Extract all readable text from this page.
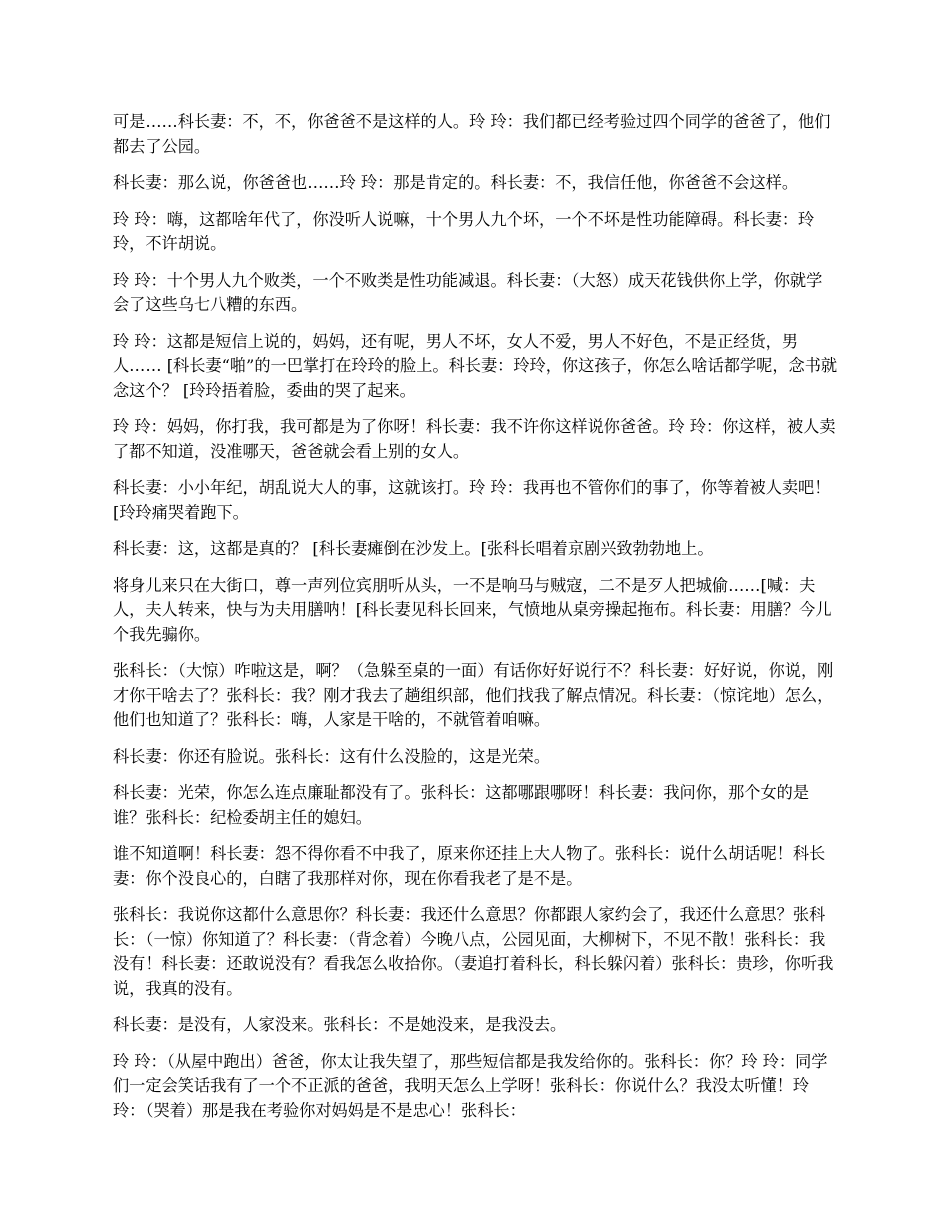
可是……科长妻：不，不，你爸爸不是这样的人。玲 玲：我们都已经考验过四个同学的爸爸了，他们都去了公园。

科长妻：那么说，你爸爸也……玲 玲：那是肯定的。科长妻：不，我信任他，你爸爸不会这样。

玲 玲：嗨，这都啥年代了，你没听人说嘛，十个男人九个坏，一个不坏是性功能障碍。科长妻：玲玲，不许胡说。

玲 玲：十个男人九个败类，一个不败类是性功能减退。科长妻：（大怒）成天花钱供你上学，你就学会了这些乌七八糟的东西。

玲 玲：这都是短信上说的，妈妈，还有呢，男人不坏，女人不爱，男人不好色，不是正经货，男人…… [科长妻“啪”的一巴掌打在玲玲的脸上。科长妻：玲玲，你这孩子，你怎么啥话都学呢，念书就念这个？ [玲玲捂着脸，委曲的哭了起来。

玲 玲：妈妈，你打我，我可都是为了你呀！科长妻：我不许你这样说你爸爸。玲 玲：你这样，被人卖了都不知道，没准哪天，爸爸就会看上别的女人。

科长妻：小小年纪，胡乱说大人的事，这就该打。玲 玲：我再也不管你们的事了，你等着被人卖吧！ [玲玲痛哭着跑下。

科长妻：这，这都是真的？ [科长妻瘫倒在沙发上。[张科长唱着京剧兴致勃勃地上。

将身儿来只在大街口，尊一声列位宾朋听从头，一不是响马与贼寇，二不是歹人把城偷……[喊：夫人，夫人转来，快与为夫用膳呐！[科长妻见科长回来，气愤地从桌旁操起拖布。科长妻：用膳？今儿个我先骟你。

张科长：（大惊）咋啦这是，啊？（急躲至桌的一面）有话你好好说行不？科长妻：好好说，你说，刚才你干啥去了？张科长：我？刚才我去了趟组织部，他们找我了解点情况。科长妻：（惊诧地）怎么，他们也知道了？张科长：嗨，人家是干啥的，不就管着咱嘛。

科长妻：你还有脸说。张科长：这有什么没脸的，这是光荣。

科长妻：光荣，你怎么连点廉耻都没有了。张科长：这都哪跟哪呀！科长妻：我问你，那个女的是谁？张科长：纪检委胡主任的媳妇。

谁不知道啊！科长妻：怨不得你看不中我了，原来你还挂上大人物了。张科长：说什么胡话呢！科长妻：你个没良心的，白瞎了我那样对你，现在你看我老了是不是。

张科长：我说你这都什么意思你？科长妻：我还什么意思？你都跟人家约会了，我还什么意思？张科长：（一惊）你知道了？科长妻：（背念着）今晚八点，公园见面，大柳树下，不见不散！张科长：我没有！科长妻：还敢说没有？看我怎么收拾你。（妻追打着科长，科长躲闪着）张科长：贵珍，你听我说，我真的没有。

科长妻：是没有，人家没来。张科长：不是她没来，是我没去。

玲 玲：（从屋中跑出）爸爸，你太让我失望了，那些短信都是我发给你的。张科长：你？玲 玲：同学们一定会笑话我有了一个不正派的爸爸，我明天怎么上学呀！张科长：你说什么？我没太听懂！玲 玲：（哭着）那是我在考验你对妈妈是不是忠心！张科长：
